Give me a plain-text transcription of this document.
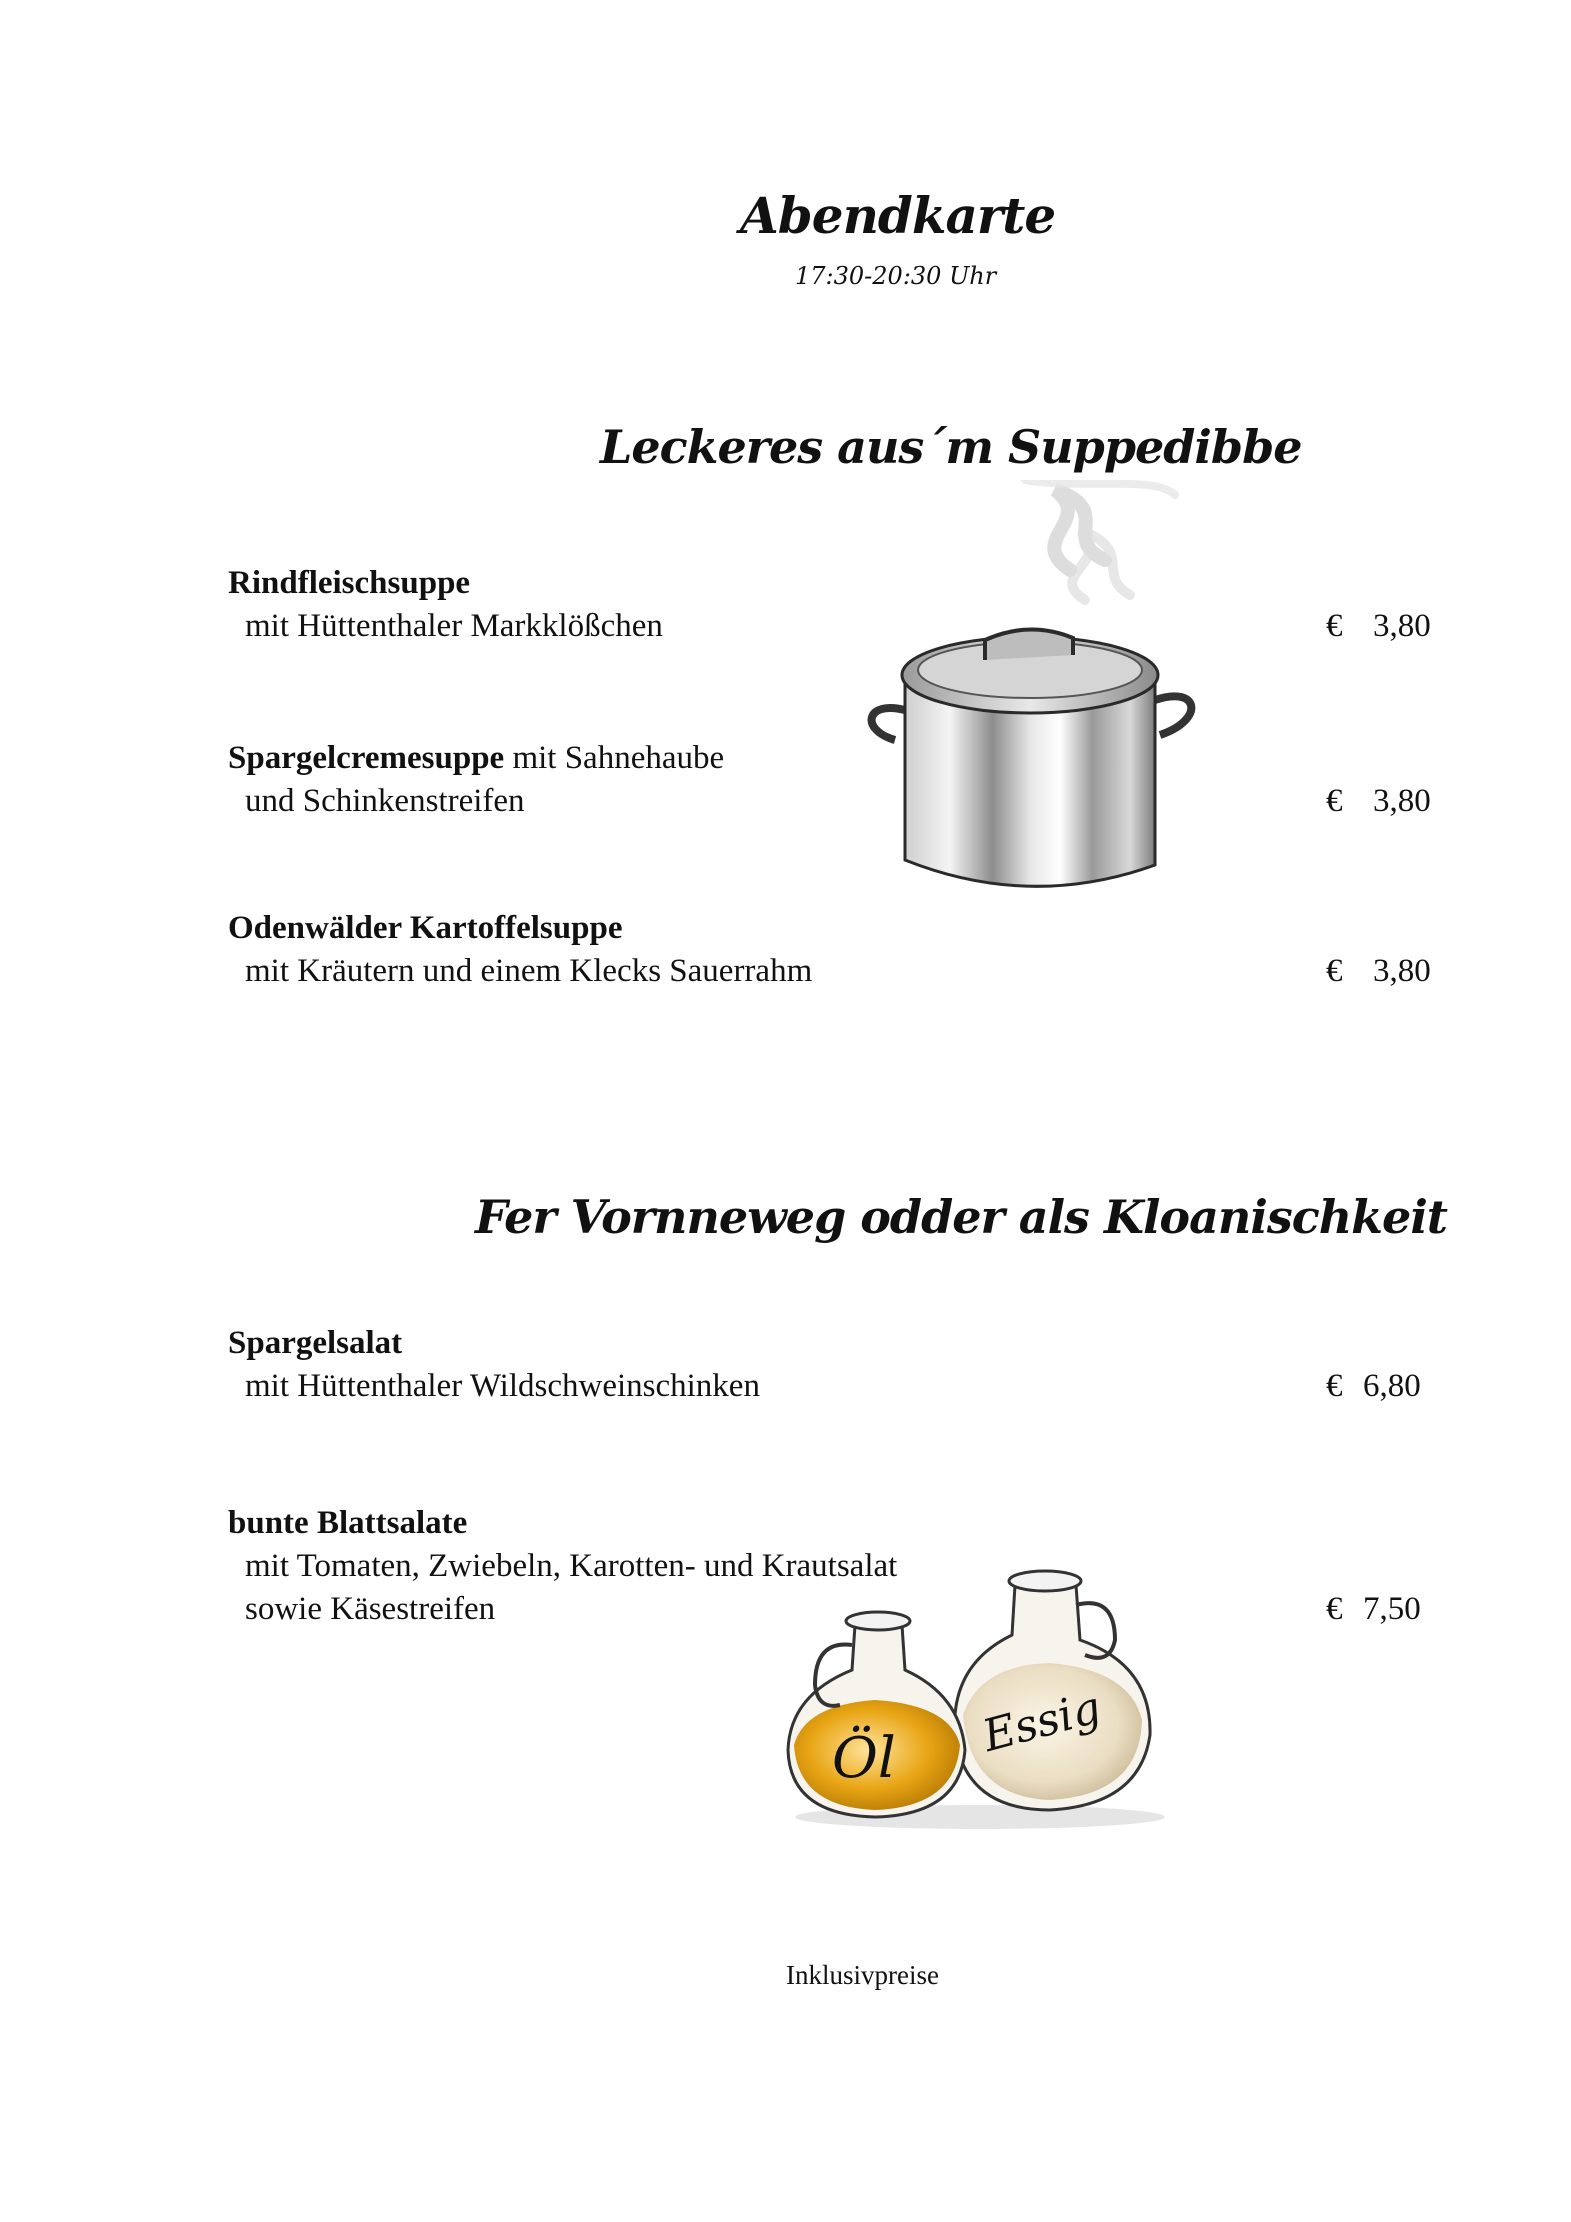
Abendkarte
17:30-20:30 Uhr
Leckeres aus´m Suppedibbe
Rindfleischsuppe
mit Hüttenthaler Markklößchen	€ 3,80
Spargelcremesuppe mit Sahnehaube
und Schinkenstreifen	€ 3,80
Odenwälder Kartoffelsuppe
mit Kräutern und einem Klecks Sauerrahm	€ 3,80
Fer Vornneweg odder als Kloanischkeit
Spargelsalat
mit Hüttenthaler Wildschweinschinken	€ 6,80
bunte Blattsalate
mit Tomaten, Zwiebeln, Karotten- und Krautsalat
sowie Käsestreifen	€ 7,50
Essig
Öl
Inklusivpreise
